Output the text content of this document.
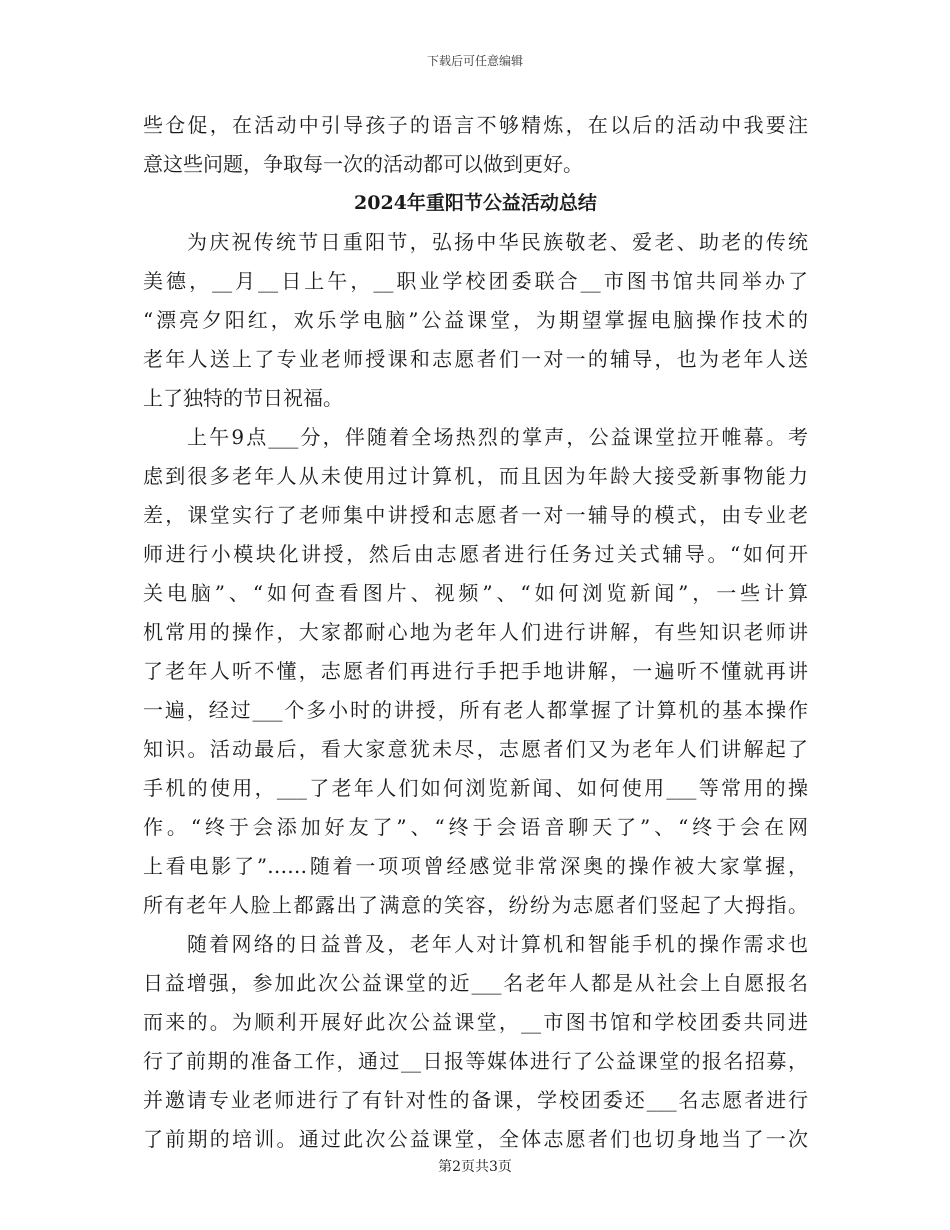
下载后可任意编辑
些仓促，在活动中引导孩子的语言不够精炼，在以后的活动中我要注
意这些问题，争取每一次的活动都可以做到更好。
2024年重阳节公益活动总结
为庆祝传统节日重阳节，弘扬中华民族敬老、爱老、助老的传统
美德，__月__日上午，__职业学校团委联合__市图书馆共同举办了
“漂亮夕阳红，欢乐学电脑”公益课堂，为期望掌握电脑操作技术的
老年人送上了专业老师授课和志愿者们一对一的辅导，也为老年人送
上了独特的节日祝福。
上午9点___分，伴随着全场热烈的掌声，公益课堂拉开帷幕。考
虑到很多老年人从未使用过计算机，而且因为年龄大接受新事物能力
差，课堂实行了老师集中讲授和志愿者一对一辅导的模式，由专业老
师进行小模块化讲授，然后由志愿者进行任务过关式辅导。“如何开
关电脑”、“如何查看图片、视频”、“如何浏览新闻”，一些计算
机常用的操作，大家都耐心地为老年人们进行讲解，有些知识老师讲
了老年人听不懂，志愿者们再进行手把手地讲解，一遍听不懂就再讲
一遍，经过___个多小时的讲授，所有老人都掌握了计算机的基本操作
知识。活动最后，看大家意犹未尽，志愿者们又为老年人们讲解起了
手机的使用，___了老年人们如何浏览新闻、如何使用___等常用的操
作。“终于会添加好友了”、“终于会语音聊天了”、“终于会在网
上看电影了”……随着一项项曾经感觉非常深奥的操作被大家掌握，
所有老年人脸上都露出了满意的笑容，纷纷为志愿者们竖起了大拇指。
随着网络的日益普及，老年人对计算机和智能手机的操作需求也
日益增强，参加此次公益课堂的近___名老年人都是从社会上自愿报名
而来的。为顺利开展好此次公益课堂，__市图书馆和学校团委共同进
行了前期的准备工作，通过__日报等媒体进行了公益课堂的报名招募，
并邀请专业老师进行了有针对性的备课，学校团委还___名志愿者进行
了前期的培训。通过此次公益课堂，全体志愿者们也切身地当了一次
第2页共3页
